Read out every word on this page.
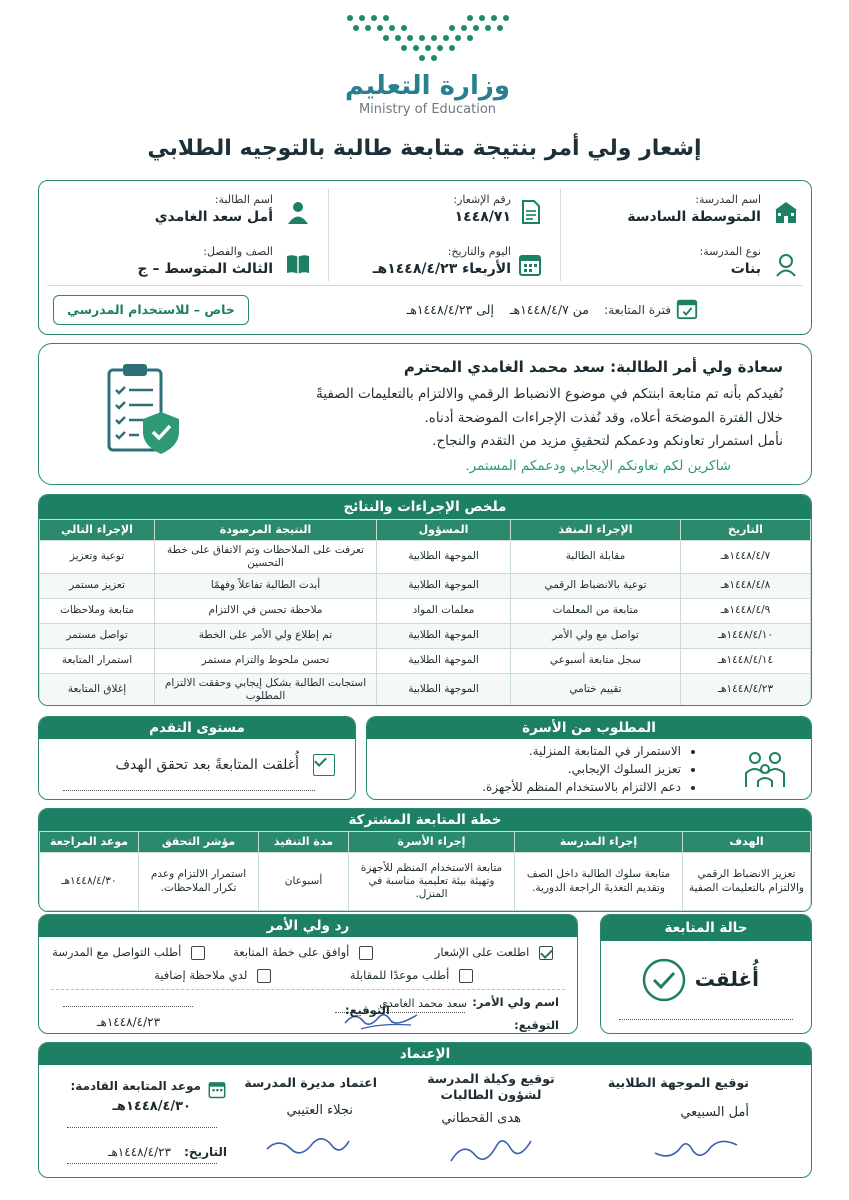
وزارة التعليم
Ministry of Education
إشعار ولي أمر بنتيجة متابعة طالبة بالتوجيه الطلابي
اسم المدرسة:
المتوسطة السادسة
نوع المدرسة:
بنات
رقم الإشعار:
١٤٤٨/٧١
اليوم والتاريخ:
الأربعاء ١٤٤٨/٤/٢٣هـ
اسم الطالبة:
أمل سعد الغامدي
الصف والفصل:
الثالث المتوسط – ج
فترة المتابعة:
من ١٤٤٨/٤/٧هـ    إلى ١٤٤٨/٤/٢٣هـ
خاص – للاستخدام المدرسي
سعادة ولي أمر الطالبة: سعد محمد الغامدي المحترم
نُفيدكم بأنه تم متابعة ابنتكم في موضوع الانضباط الرقمي والالتزام بالتعليمات الصفيةً
خلال الفترة الموضحَة أعلاه، وقد نُفذت الإجراءات الموضحة أدناه.
نأمل استمرار تعاونكم ودعمكم لتحقيقِ مزيد من التقدم والنجاح.
شاكرين لكم تعاونكم الإيجابي ودعمكم المستمر.
ملخص الإجراءات والنتائج
التاريخ	الإجراء المنفذ	المسؤول	النتيجة المرصودة	الإجراء التالي
١٤٤٨/٤/٧هـ	مقابلة الطالبة	الموجهة الطلابية	تعرفت على الملاحظات وتم الاتفاق على خطة التحسين	توعية وتعزيز
١٤٤٨/٤/٨هـ	توعية بالانضباط الرقمي	الموجهة الطلابية	أبدت الطالبة تفاعلاً وفهمًا	تعزيز مستمر
١٤٤٨/٤/٩هـ	متابعة من المعلمات	معلمات المواد	ملاحظة تحسن في الالتزام	متابعة وملاحظات
١٤٤٨/٤/١٠هـ	تواصل مع ولي الأمر	الموجهة الطلابية	تم إطلاع ولي الأمر على الخطة	تواصل مستمر
١٤٤٨/٤/١٤هـ	سجل متابعة أسبوعي	الموجهة الطلابية	تحسن ملحوظ والتزام مستمر	استمرار المتابعة
١٤٤٨/٤/٢٣هـ	تقييم ختامي	الموجهة الطلابية	استجابت الطالبة بشكل إيجابي وحققت الالتزام المطلوب	إغلاق المتابعة
المطلوب من الأسرة
• الاستمرار في المتابعة المنزلية.
• تعزيز السلوك الإيجابي.
• دعم الالتزام بالاستخدام المنظم للأجهزة.
مستوى التقدم
أُغلقت المتابعةً بعد تحقق الهدف
خطة المتابعة المشتركة
الهدف	إجراء المدرسة	إجراء الأسرة	مدة التنفيذ	مؤشر التحقق	موعد المراجعة
تعزيز الانضباط الرقمي والالتزام بالتعليمات الصفية	متابعة سلوك الطالبة داخل الصف وتقديم التغذيةَ الراجعة الدورية.	متابعة الاستخدام المنظم للأجهزة وتهيئة بيئة تعليمية مناسبة في المنزل.	أسبوعان	استمرار الالتزام وعدم تكرار الملاحظات.	١٤٤٨/٤/٣٠هـ
حالة المتابعة
أُغلقت
رد ولي الأمر
اطلعت على الإشعار
أوافق على خطة المتابعة
أطلب التواصل مع المدرسة
أطلب موعدًا للمقابلة
لدي ملاحظة إضافية
اسم ولي الأمر:
سعد محمد الغامدي
التوقيع:
التوقيع:
١٤٤٨/٤/٢٣هـ
الإعتماد
توقيع الموجهة الطلابية
أمل السبيعي
توقيع وكيلة المدرسة لشؤون الطالبات
هدى القحطاني
اعتماد مديرة المدرسة
نجلاء العتيبي
موعد المتابعة القادمة:
١٤٤٨/٤/٣٠هـ
التاريخ:
١٤٤٨/٤/٢٣هـ
